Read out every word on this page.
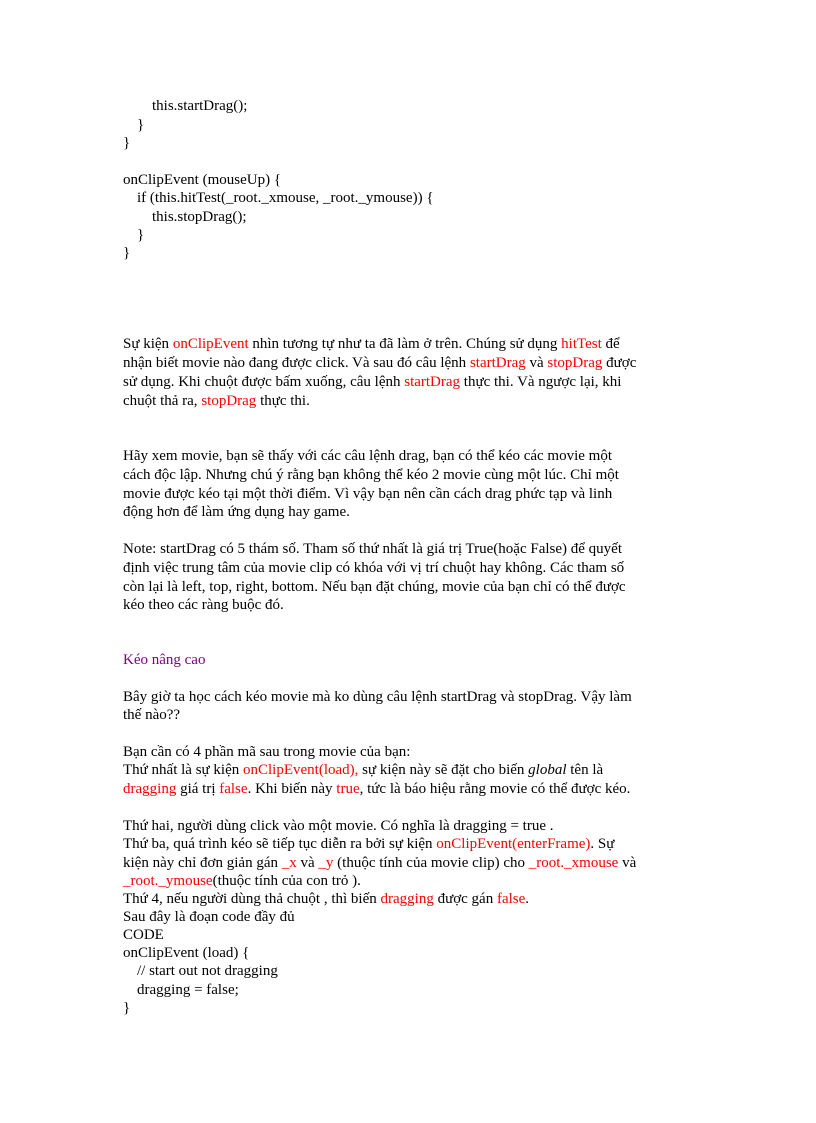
this.startDrag();
}
}
onClipEvent (mouseUp) {
if (this.hitTest(_root._xmouse, _root._ymouse)) {
this.stopDrag();
}
}
Sự kiện onClipEvent nhìn tương tự như ta đã làm ở trên. Chúng sử dụng hitTest để
nhận biết movie nào đang được click. Và sau đó câu lệnh startDrag và stopDrag được
sử dụng. Khi chuột được bấm xuống, câu lệnh startDrag thực thi. Và ngược lại, khi
chuột thả ra, stopDrag thực thi.
Hãy xem movie, bạn sẽ thấy với các câu lệnh drag, bạn có thể kéo các movie một
cách độc lập. Nhưng chú ý rằng bạn không thể kéo 2 movie cùng một lúc. Chỉ một
movie được kéo tại một thời điểm. Vì vậy bạn nên cần cách drag phức tạp và linh
động hơn để làm ứng dụng hay game.
Note: startDrag có 5 thám số. Tham số thứ nhất là giá trị True(hoặc False) để quyết
định việc trung tâm của movie clip có khóa với vị trí chuột hay không. Các tham số
còn lại là left, top, right, bottom. Nếu bạn đặt chúng, movie của bạn chỉ có thể được
kéo theo các ràng buộc đó.
Kéo nâng cao
Bây giờ ta học cách kéo movie mà ko dùng câu lệnh startDrag và stopDrag. Vậy làm
thế nào??
Bạn cần có 4 phần mã sau trong movie của bạn:
Thứ nhất là sự kiện onClipEvent(load), sự kiện này sẽ đặt cho biến global tên là
dragging giá trị false. Khi biến này true, tức là báo hiệu rằng movie có thể được kéo.
Thứ hai, người dùng click vào một movie. Có nghĩa là dragging = true .
Thứ ba, quá trình kéo sẽ tiếp tục diễn ra bởi sự kiện onClipEvent(enterFrame). Sự
kiện này chỉ đơn giản gán _x và _y (thuộc tính của movie clip) cho _root._xmouse và
_root._ymouse(thuộc tính của con trỏ ).
Thứ 4, nếu người dùng thả chuột , thì biến dragging được gán false.
Sau đây là đoạn code đầy đủ
CODE
onClipEvent (load) {
// start out not dragging
dragging = false;
}
